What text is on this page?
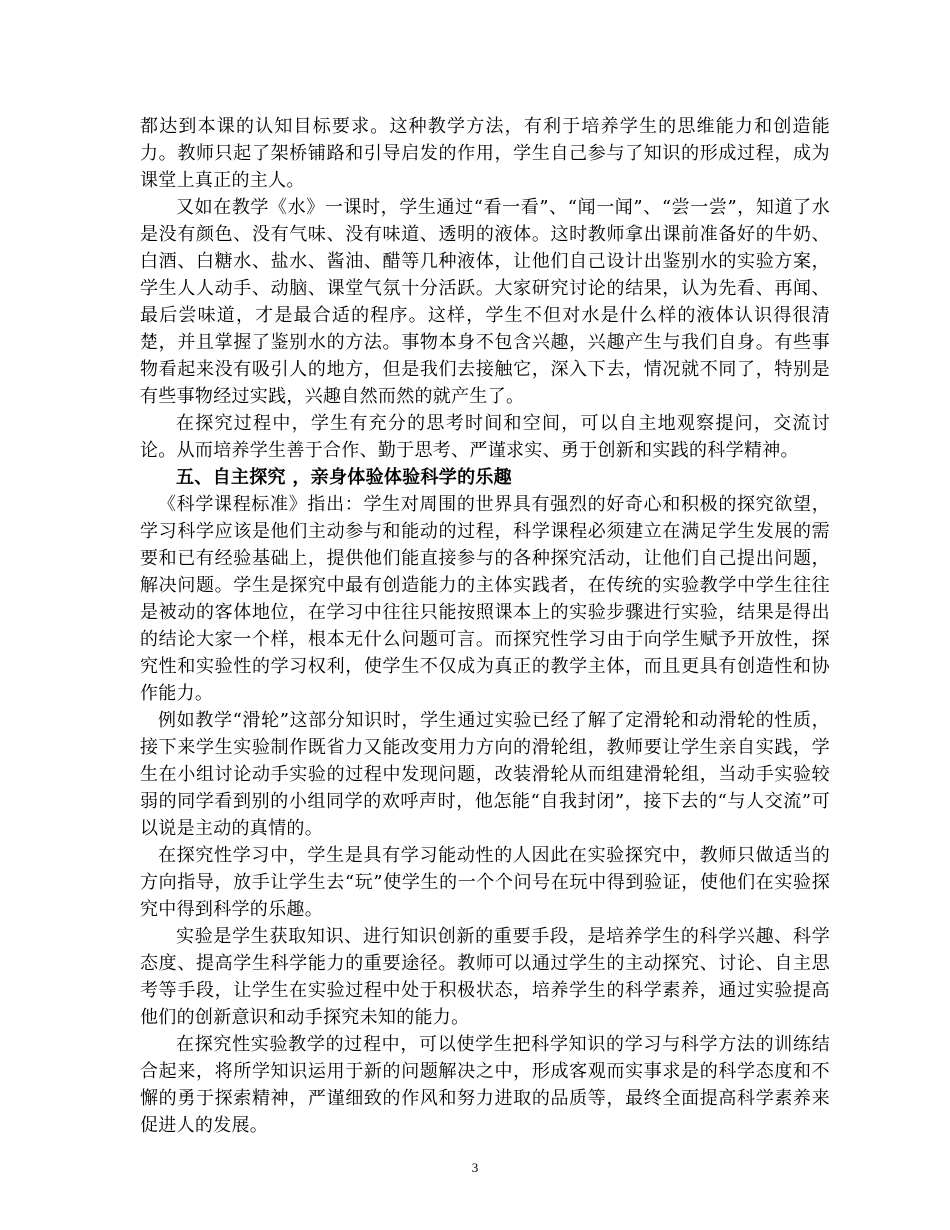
都达到本课的认知目标要求。这种教学方法，有利于培养学生的思维能力和创造能力。教师只起了架桥铺路和引导启发的作用，学生自己参与了知识的形成过程，成为课堂上真正的主人。

又如在教学《水》一课时，学生通过“看一看”、“闻一闻”、“尝一尝”，知道了水是没有颜色、没有气味、没有味道、透明的液体。这时教师拿出课前准备好的牛奶、白酒、白糖水、盐水、酱油、醋等几种液体，让他们自己设计出鉴别水的实验方案，学生人人动手、动脑、课堂气氛十分活跃。大家研究讨论的结果，认为先看、再闻、最后尝味道，才是最合适的程序。这样，学生不但对水是什么样的液体认识得很清楚，并且掌握了鉴别水的方法。事物本身不包含兴趣，兴趣产生与我们自身。有些事物看起来没有吸引人的地方，但是我们去接触它，深入下去，情况就不同了，特别是有些事物经过实践，兴趣自然而然的就产生了。

在探究过程中，学生有充分的思考时间和空间，可以自主地观察提问，交流讨论。从而培养学生善于合作、勤于思考、严谨求实、勇于创新和实践的科学精神。

五、自主探究 ，亲身体验体验科学的乐趣

《科学课程标准》指出：学生对周围的世界具有强烈的好奇心和积极的探究欲望，学习科学应该是他们主动参与和能动的过程，科学课程必须建立在满足学生发展的需要和已有经验基础上，提供他们能直接参与的各种探究活动，让他们自己提出问题，解决问题。学生是探究中最有创造能力的主体实践者，在传统的实验教学中学生往往是被动的客体地位，在学习中往往只能按照课本上的实验步骤进行实验，结果是得出的结论大家一个样，根本无什么问题可言。而探究性学习由于向学生赋予开放性，探究性和实验性的学习权利，使学生不仅成为真正的教学主体，而且更具有创造性和协作能力。

例如教学“滑轮”这部分知识时，学生通过实验已经了解了定滑轮和动滑轮的性质，接下来学生实验制作既省力又能改变用力方向的滑轮组，教师要让学生亲自实践，学生在小组讨论动手实验的过程中发现问题，改装滑轮从而组建滑轮组，当动手实验较弱的同学看到别的小组同学的欢呼声时，他怎能“自我封闭”，接下去的“与人交流”可以说是主动的真情的。

在探究性学习中，学生是具有学习能动性的人因此在实验探究中，教师只做适当的方向指导，放手让学生去“玩”使学生的一个个问号在玩中得到验证，使他们在实验探究中得到科学的乐趣。

实验是学生获取知识、进行知识创新的重要手段，是培养学生的科学兴趣、科学态度、提高学生科学能力的重要途径。教师可以通过学生的主动探究、讨论、自主思考等手段，让学生在实验过程中处于积极状态，培养学生的科学素养，通过实验提高他们的创新意识和动手探究未知的能力。

在探究性实验教学的过程中，可以使学生把科学知识的学习与科学方法的训练结合起来，将所学知识运用于新的问题解决之中，形成客观而实事求是的科学态度和不懈的勇于探索精神，严谨细致的作风和努力进取的品质等，最终全面提高科学素养来促进人的发展。

3
